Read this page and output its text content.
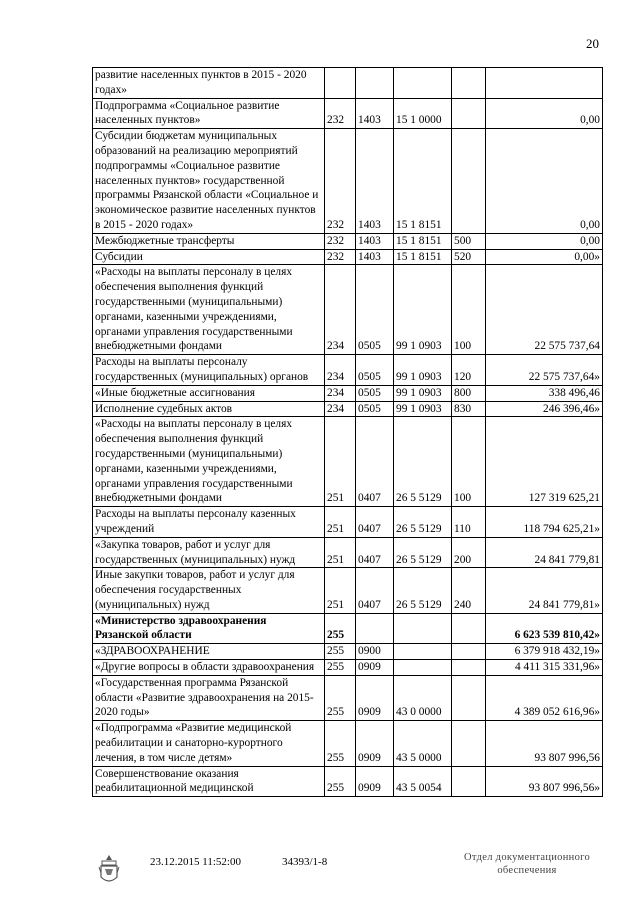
20
развитие населенных пунктов в 2015 - 2020 годах»					
Подпрограмма «Социальное развитие населенных пунктов»	232	1403	15 1 0000		0,00
Субсидии бюджетам муниципальных образований на реализацию мероприятий подпрограммы «Социальное развитие населенных пунктов» государственной программы Рязанской области «Социальное и экономическое развитие населенных пунктов в 2015 - 2020 годах»	232	1403	15 1 8151		0,00
Межбюджетные трансферты	232	1403	15 1 8151	500	0,00
Субсидии	232	1403	15 1 8151	520	0,00»
«Расходы на выплаты персоналу в целях обеспечения выполнения функций государственными (муниципальными) органами, казенными учреждениями, органами управления государственными внебюджетными фондами	234	0505	99 1 0903	100	22 575 737,64
Расходы на выплаты персоналу государственных (муниципальных) органов	234	0505	99 1 0903	120	22 575 737,64»
«Иные бюджетные ассигнования	234	0505	99 1 0903	800	338 496,46
Исполнение судебных актов	234	0505	99 1 0903	830	246 396,46»
«Расходы на выплаты персоналу в целях обеспечения выполнения функций государственными (муниципальными) органами, казенными учреждениями, органами управления государственными внебюджетными фондами	251	0407	26 5 5129	100	127 319 625,21
Расходы на выплаты персоналу казенных учреждений	251	0407	26 5 5129	110	118 794 625,21»
«Закупка товаров, работ и услуг для государственных (муниципальных) нужд	251	0407	26 5 5129	200	24 841 779,81
Иные закупки товаров, работ и услуг для обеспечения государственных (муниципальных) нужд	251	0407	26 5 5129	240	24 841 779,81»
«Министерство здравоохранения Рязанской области	255				6 623 539 810,42»
«ЗДРАВООХРАНЕНИЕ	255	0900			6 379 918 432,19»
«Другие вопросы в области здравоохранения	255	0909			4 411 315 331,96»
«Государственная программа Рязанской области «Развитие здравоохранения на 2015-2020 годы»	255	0909	43 0 0000		4 389 052 616,96»
«Подпрограмма «Развитие медицинской реабилитации и санаторно-курортного лечения, в том числе детям»	255	0909	43 5 0000		93 807 996,56
Совершенствование оказания реабилитационной медицинской	255	0909	43 5 0054		93 807 996,56»
23.12.2015 11:52:00	34393/1-8	Отдел документационного обеспечения
